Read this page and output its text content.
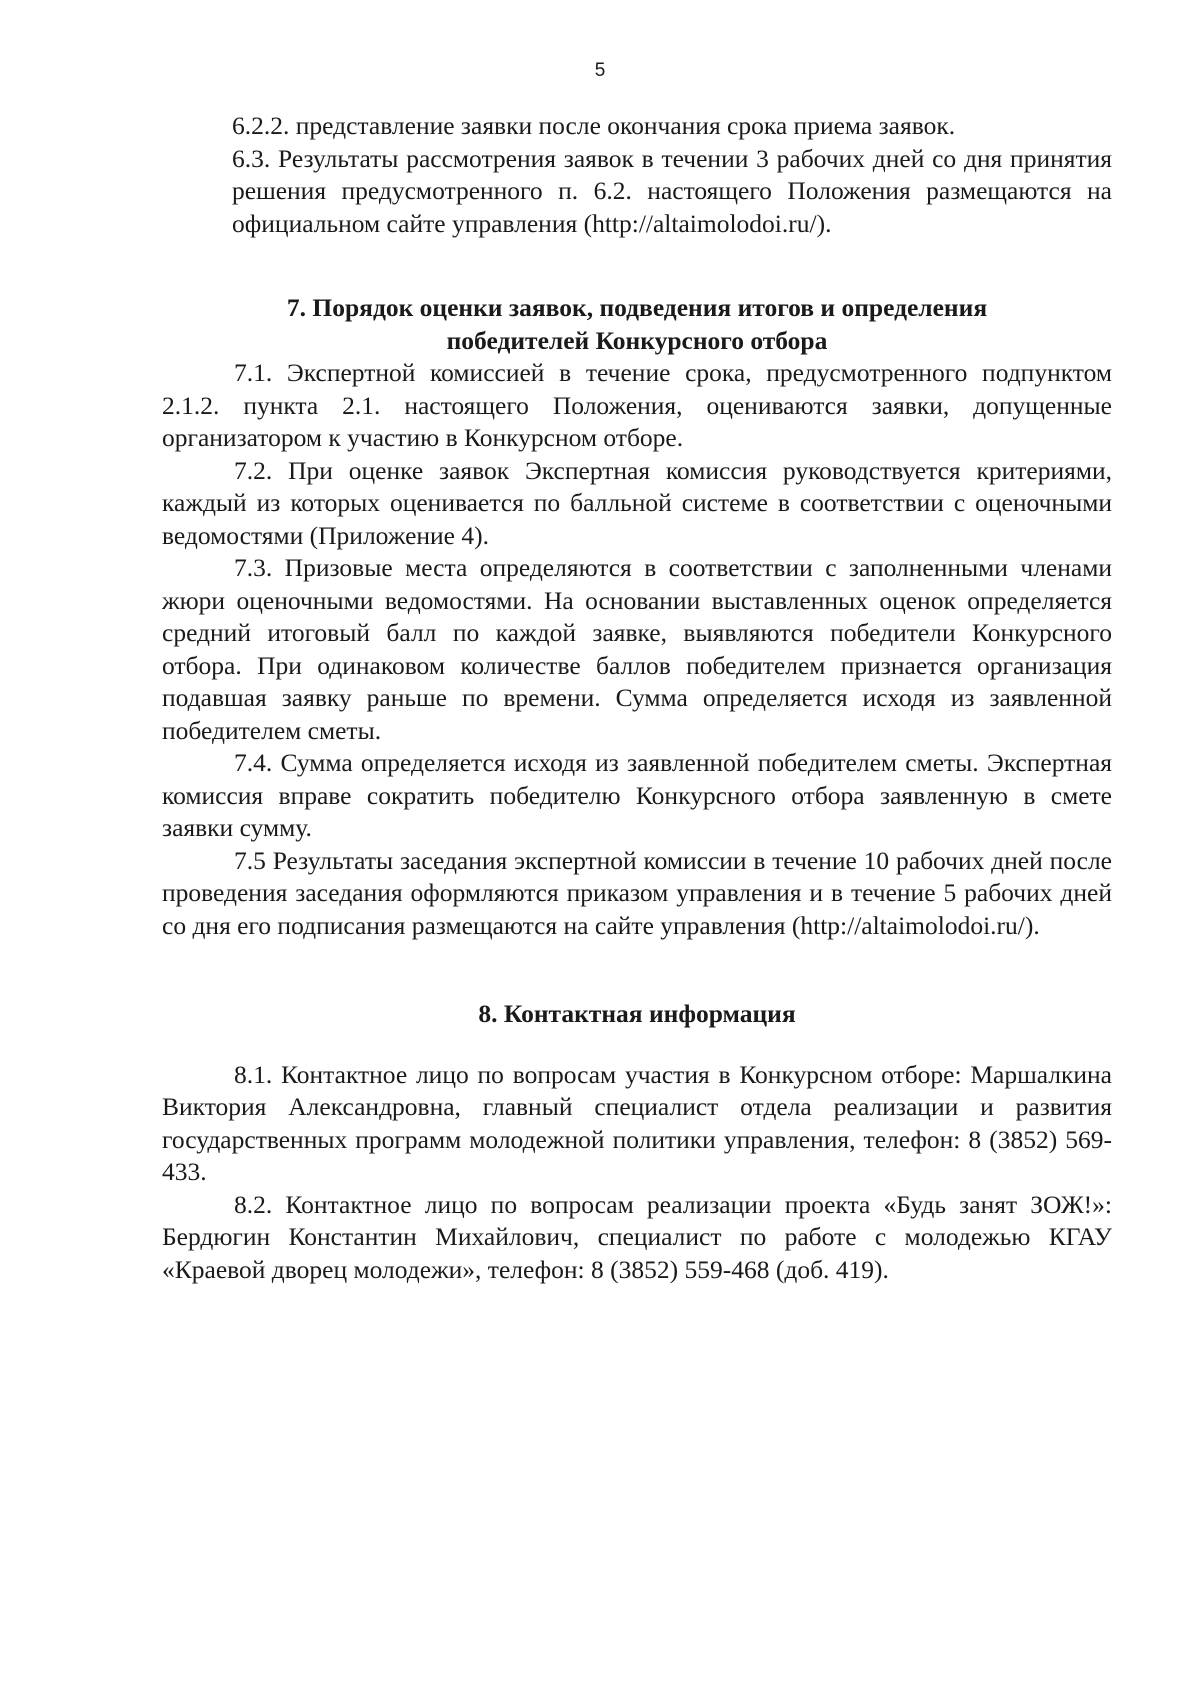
5

6.2.2. представление заявки после окончания срока приема заявок.

6.3. Результаты рассмотрения заявок в течении 3 рабочих дней со дня принятия решения предусмотренного п. 6.2. настоящего Положения размещаются на официальном сайте управления (http://altaimolodoi.ru/).

7. Порядок оценки заявок, подведения итогов и определения
победителей Конкурсного отбора

7.1. Экспертной комиссией в течение срока, предусмотренного подпунктом 2.1.2. пункта 2.1. настоящего Положения, оцениваются заявки, допущенные организатором к участию в Конкурсном отборе.

7.2. При оценке заявок Экспертная комиссия руководствуется критериями, каждый из которых оценивается по балльной системе в соответствии с оценочными ведомостями (Приложение 4).

7.3. Призовые места определяются в соответствии с заполненными членами жюри оценочными ведомостями. На основании выставленных оценок определяется средний итоговый балл по каждой заявке, выявляются победители Конкурсного отбора. При одинаковом количестве баллов победителем признается организация подавшая заявку раньше по времени. Сумма определяется исходя из заявленной победителем сметы.

7.4. Сумма определяется исходя из заявленной победителем сметы. Экспертная комиссия вправе сократить победителю Конкурсного отбора заявленную в смете заявки сумму.

7.5 Результаты заседания экспертной комиссии в течение 10 рабочих дней после проведения заседания оформляются приказом управления и в течение 5 рабочих дней со дня его подписания размещаются на сайте управления (http://altaimolodoi.ru/).

8. Контактная информация

8.1. Контактное лицо по вопросам участия в Конкурсном отборе: Маршалкина Виктория Александровна, главный специалист отдела реализации и развития государственных программ молодежной политики управления, телефон: 8 (3852) 569-433.

8.2. Контактное лицо по вопросам реализации проекта «Будь занят ЗОЖ!»: Бердюгин Константин Михайлович, специалист по работе с молодежью КГАУ «Краевой дворец молодежи», телефон: 8 (3852) 559-468 (доб. 419).
